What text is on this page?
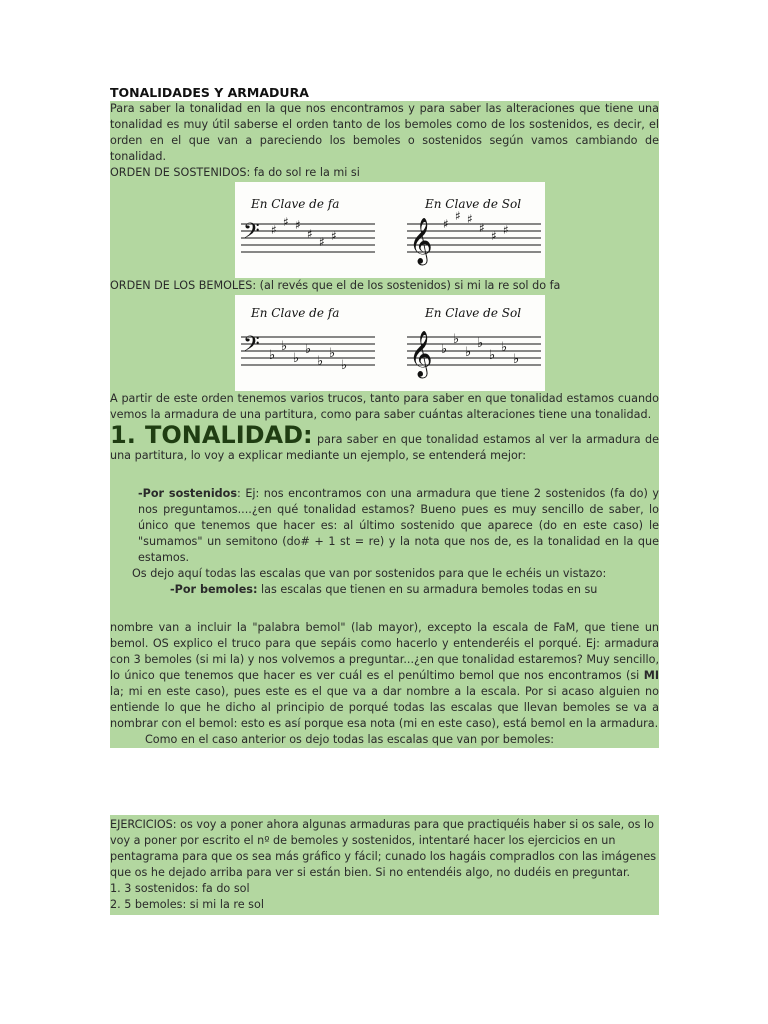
TONALIDADES Y ARMADURA

Para saber la tonalidad en la que nos encontramos y para saber las alteraciones que tiene una tonalidad es muy útil saberse el orden tanto de los bemoles como de los sostenidos, es decir, el orden en el que van a pareciendo los bemoles o sostenidos según vamos cambiando de tonalidad.

ORDEN DE SOSTENIDOS: fa do sol re la mi si

En Clave de fa	En Clave de Sol
𝄢	𝄞
♯
♯ ♯
♯
♯ ♯
♯
♯ ♯
♯
♯ ♯

ORDEN DE LOS BEMOLES: (al revés que el de los sostenidos) si mi la re sol do fa

En Clave de fa	En Clave de Sol
𝄢	𝄞
♭
♭
♭
♭
♭
♭
♭
♭
♭
♭
♭
♭
♭
♭

A partir de este orden tenemos varios trucos, tanto para saber en que tonalidad estamos cuando vemos la armadura de una partitura, como para saber cuántas alteraciones tiene una tonalidad.

1. TONALIDAD: para saber en que tonalidad estamos al ver la armadura de una partitura, lo voy a explicar mediante un ejemplo, se entenderá mejor:

-Por sostenidos: Ej: nos encontramos con una armadura que tiene 2 sostenidos (fa do) y nos preguntamos....¿en qué tonalidad estamos? Bueno pues es muy sencillo de saber, lo único que tenemos que hacer es: al último sostenido que aparece (do en este caso) le "sumamos" un semitono (do# + 1 st = re) y la nota que nos de, es la tonalidad en la que estamos.

Os dejo aquí todas las escalas que van por sostenidos para que le echéis un vistazo:

-Por bemoles: las escalas que tienen en su armadura bemoles todas en su

nombre van a incluir la "palabra bemol" (lab mayor), excepto la escala de FaM, que tiene un bemol. OS explico el truco para que sepáis como hacerlo y entenderéis el porqué. Ej: armadura con 3 bemoles (si mi la) y nos volvemos a preguntar...¿en que tonalidad estaremos? Muy sencillo, lo único que tenemos que hacer es ver cuál es el penúltimo bemol que nos encontramos (si MI la; mi en este caso), pues este es el que va a dar nombre a la escala. Por si acaso alguien no entiende lo que he dicho al principio de porqué todas las escalas que llevan bemoles se va a nombrar con el bemol: esto es así porque esa nota (mi en este caso), está bemol en la armadura.

Como en el caso anterior os dejo todas las escalas que van por bemoles:

EJERCICIOS: os voy a poner ahora algunas armaduras para que practiquéis haber si os sale, os lo voy a poner por escrito el nº de bemoles y sostenidos, intentaré hacer los ejercicios en un pentagrama para que os sea más gráfico y fácil; cunado los hagáis compradlos con las imágenes que os he dejado arriba para ver si están bien. Si no entendéis algo, no dudéis en preguntar.

1. 3 sostenidos: fa do sol

2. 5 bemoles: si mi la re sol
